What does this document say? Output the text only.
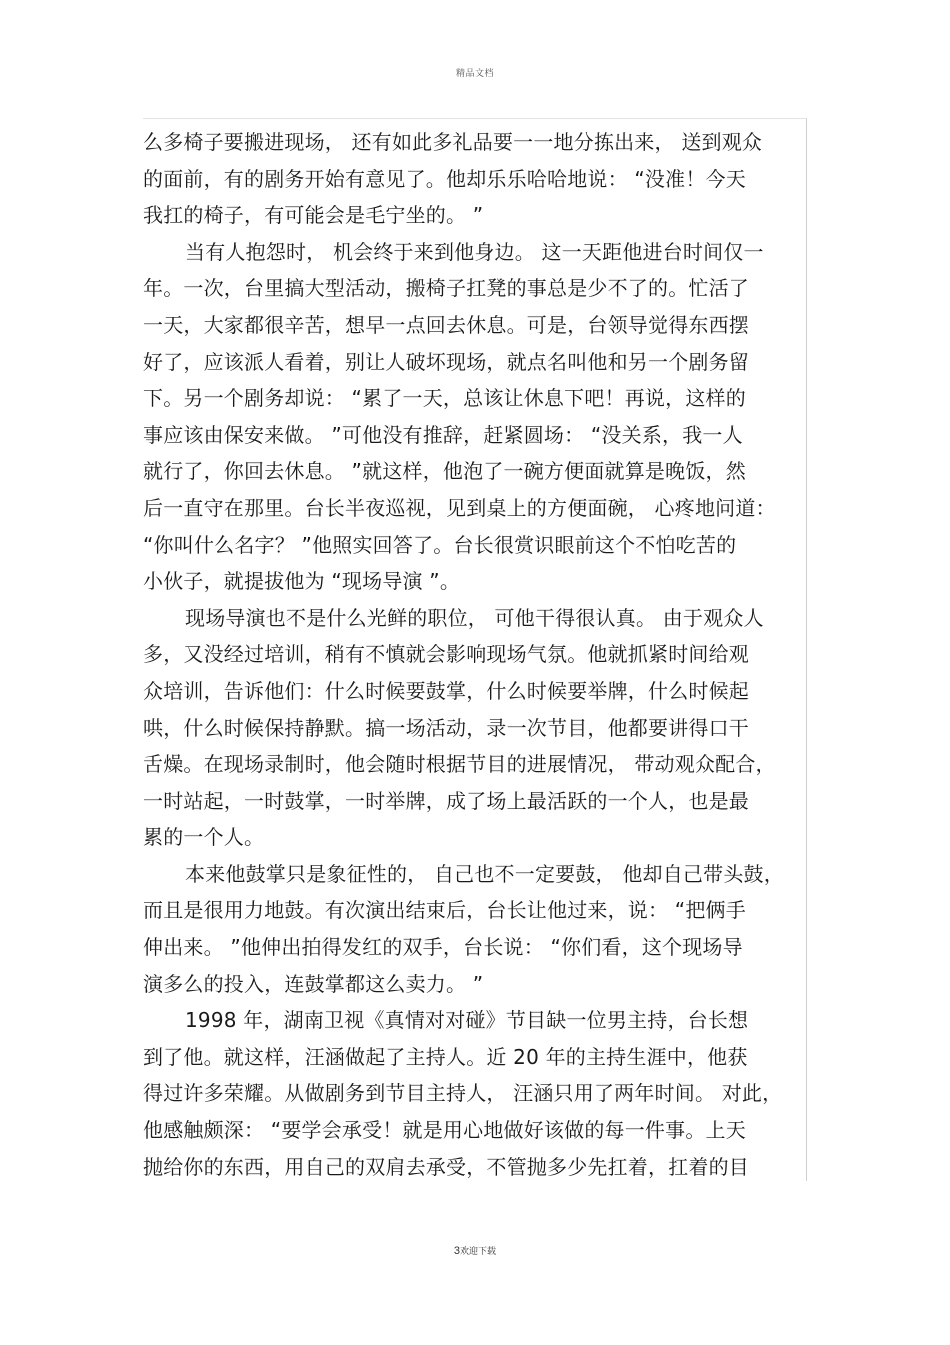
精品文档
么多椅子要搬进现场， 还有如此多礼品要一一地分拣出来， 送到观众
的面前，有的剧务开始有意见了。他却乐乐哈哈地说： “没准！今天
我扛的椅子，有可能会是毛宁坐的。 ”
当有人抱怨时， 机会终于来到他身边。 这一天距他进台时间仅一
年。一次，台里搞大型活动，搬椅子扛凳的事总是少不了的。忙活了
一天，大家都很辛苦，想早一点回去休息。可是，台领导觉得东西摆
好了，应该派人看着，别让人破坏现场，就点名叫他和另一个剧务留
下。另一个剧务却说： “累了一天，总该让休息下吧！再说，这样的
事应该由保安来做。 ”可他没有推辞，赶紧圆场： “没关系，我一人
就行了，你回去休息。 ”就这样，他泡了一碗方便面就算是晚饭，然
后一直守在那里。台长半夜巡视，见到桌上的方便面碗， 心疼地问道：
“你叫什么名字？ ”他照实回答了。台长很赏识眼前这个不怕吃苦的
小伙子，就提拔他为 “现场导演 ”。
现场导演也不是什么光鲜的职位， 可他干得很认真。 由于观众人
多，又没经过培训，稍有不慎就会影响现场气氛。他就抓紧时间给观
众培训，告诉他们：什么时候要鼓掌，什么时候要举牌，什么时候起
哄，什么时候保持静默。搞一场活动，录一次节目，他都要讲得口干
舌燥。在现场录制时，他会随时根据节目的进展情况， 带动观众配合，
一时站起，一时鼓掌，一时举牌，成了场上最活跃的一个人，也是最
累的一个人。
本来他鼓掌只是象征性的， 自己也不一定要鼓， 他却自己带头鼓，
而且是很用力地鼓。有次演出结束后，台长让他过来，说： “把俩手
伸出来。 ”他伸出拍得发红的双手，台长说： “你们看，这个现场导
演多么的投入，连鼓掌都这么卖力。 ”
1998 年，湖南卫视《真情对对碰》节目缺一位男主持，台长想
到了他。就这样，汪涵做起了主持人。近 20 年的主持生涯中，他获
得过许多荣耀。从做剧务到节目主持人， 汪涵只用了两年时间。 对此，
他感触颇深： “要学会承受！就是用心地做好该做的每一件事。上天
抛给你的东西，用自己的双肩去承受，不管抛多少先扛着，扛着的目
3欢迎下载
